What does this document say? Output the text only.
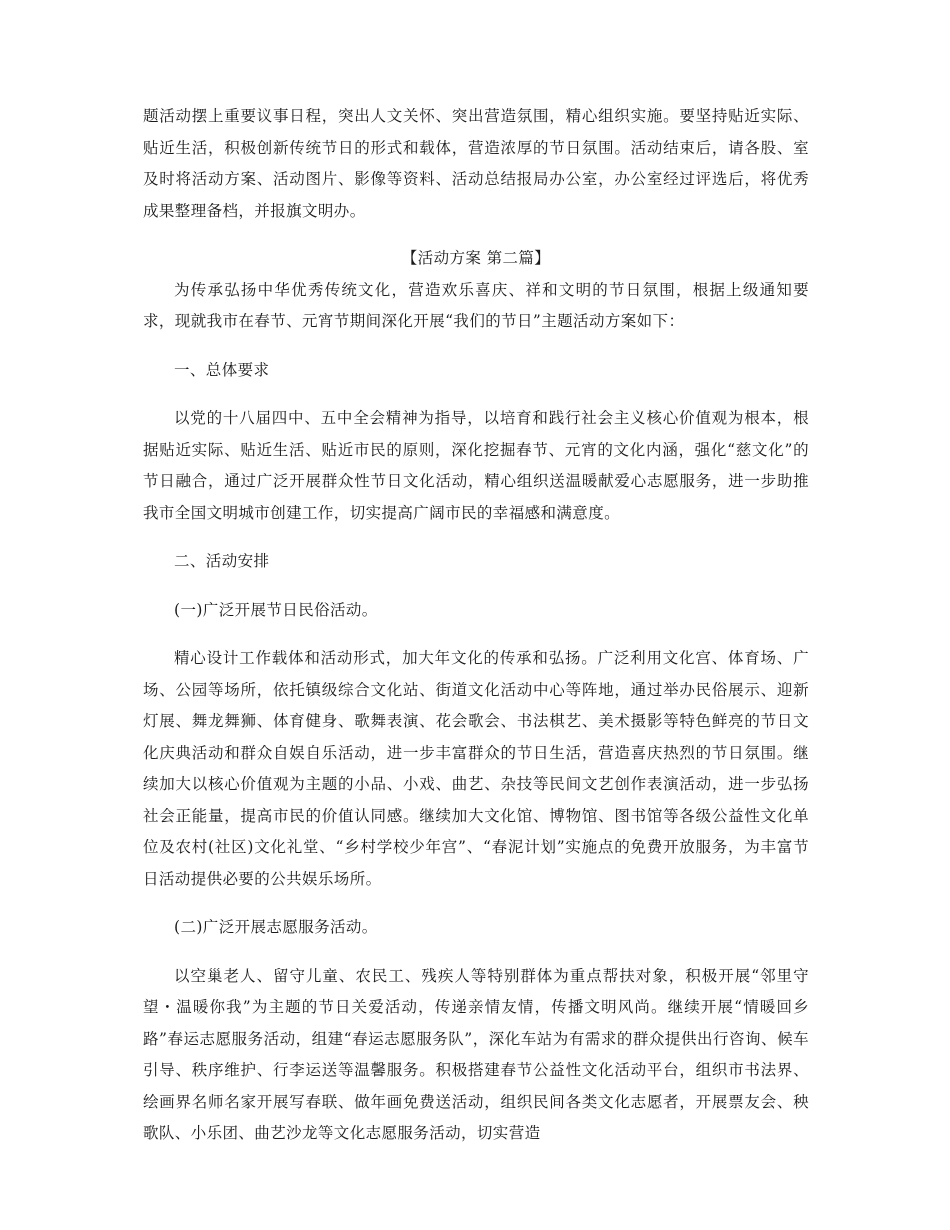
题活动摆上重要议事日程，突出人文关怀、突出营造氛围，精心组织实施。要坚持贴近实际、贴近生活，积极创新传统节日的形式和载体，营造浓厚的节日氛围。活动结束后，请各股、室及时将活动方案、活动图片、影像等资料、活动总结报局办公室，办公室经过评选后，将优秀成果整理备档，并报旗文明办。

【活动方案 第二篇】

为传承弘扬中华优秀传统文化，营造欢乐喜庆、祥和文明的节日氛围，根据上级通知要求，现就我市在春节、元宵节期间深化开展“我们的节日”主题活动方案如下：

一、总体要求

以党的十八届四中、五中全会精神为指导，以培育和践行社会主义核心价值观为根本，根据贴近实际、贴近生活、贴近市民的原则，深化挖掘春节、元宵的文化内涵，强化“慈文化”的节日融合，通过广泛开展群众性节日文化活动，精心组织送温暖献爱心志愿服务，进一步助推我市全国文明城市创建工作，切实提高广阔市民的幸福感和满意度。

二、活动安排

(一)广泛开展节日民俗活动。

精心设计工作载体和活动形式，加大年文化的传承和弘扬。广泛利用文化宫、体育场、广场、公园等场所，依托镇级综合文化站、街道文化活动中心等阵地，通过举办民俗展示、迎新灯展、舞龙舞狮、体育健身、歌舞表演、花会歌会、书法棋艺、美术摄影等特色鲜亮的节日文化庆典活动和群众自娱自乐活动，进一步丰富群众的节日生活，营造喜庆热烈的节日氛围。继续加大以核心价值观为主题的小品、小戏、曲艺、杂技等民间文艺创作表演活动，进一步弘扬社会正能量，提高市民的价值认同感。继续加大文化馆、博物馆、图书馆等各级公益性文化单位及农村(社区)文化礼堂、“乡村学校少年宫”、“春泥计划”实施点的免费开放服务，为丰富节日活动提供必要的公共娱乐场所。

(二)广泛开展志愿服务活动。

以空巢老人、留守儿童、农民工、残疾人等特别群体为重点帮扶对象，积极开展“邻里守望・温暖你我”为主题的节日关爱活动，传递亲情友情，传播文明风尚。继续开展“情暖回乡路”春运志愿服务活动，组建“春运志愿服务队”，深化车站为有需求的群众提供出行咨询、候车引导、秩序维护、行李运送等温馨服务。积极搭建春节公益性文化活动平台，组织市书法界、绘画界名师名家开展写春联、做年画免费送活动，组织民间各类文化志愿者，开展票友会、秧歌队、小乐团、曲艺沙龙等文化志愿服务活动，切实营造
